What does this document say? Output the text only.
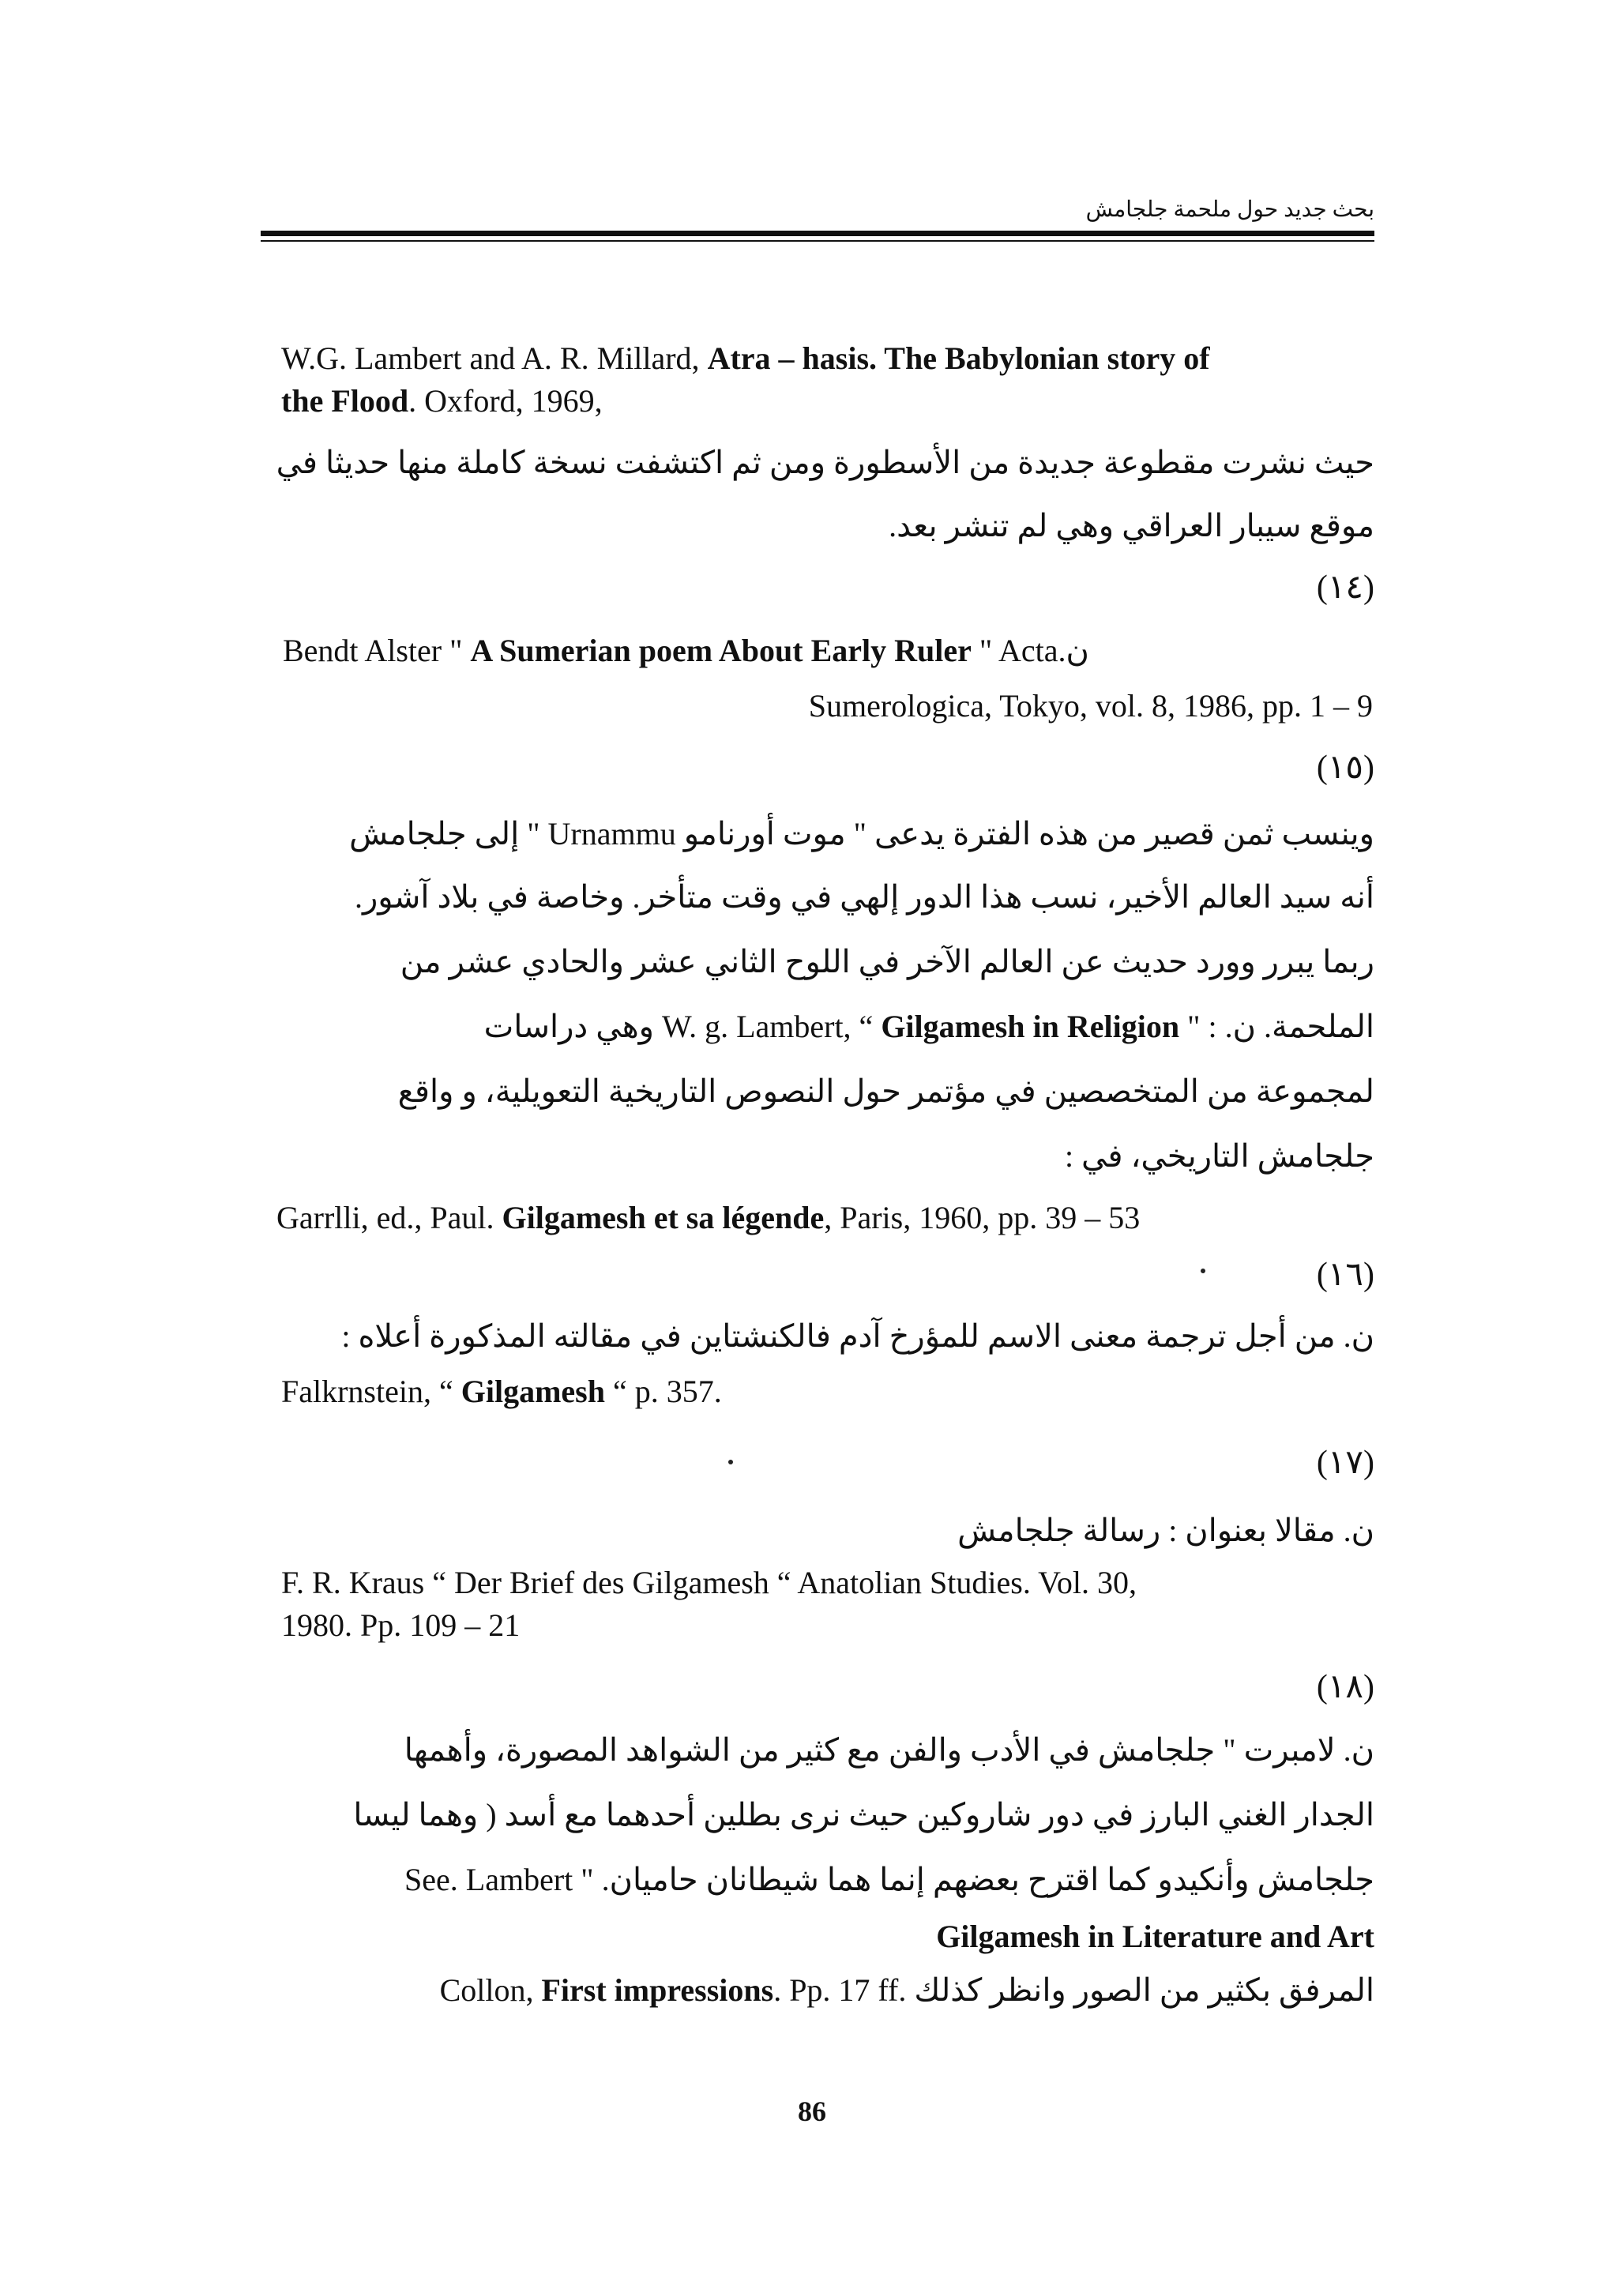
بحث جديد حول ملحمة جلجامش
W.G. Lambert and A. R. Millard, Atra – hasis. The Babylonian story of
the Flood. Oxford, 1969,
حيث نشرت مقطوعة جديدة من الأسطورة ومن ثم اكتشفت نسخة كاملة منها حديثا في
موقع سيبار العراقي وهي لم تنشر بعد.
(١٤)
Bendt Alster " A Sumerian poem About Early Ruler " Acta.ن
Sumerologica, Tokyo, vol. 8, 1986, pp. 1 – 9
(١٥)
وينسب ثمن قصير من هذه الفترة يدعى " موت أورنامو Urnammu " إلى جلجامش
أنه سيد العالم الأخير، نسب هذا الدور إلهي في وقت متأخر. وخاصة في بلاد آشور.
ربما يبرر وورد حديث عن العالم الآخر في اللوح الثاني عشر والحادي عشر من
الملحمة. ن. : W. g. Lambert, “ Gilgamesh in Religion " وهي دراسات
لمجموعة من المتخصصين في مؤتمر حول النصوص التاريخية التعويلية، و واقع
جلجامش التاريخي، في :
Garrlli, ed., Paul. Gilgamesh et sa légende, Paris, 1960, pp. 39 – 53
(١٦)
ن. من أجل ترجمة معنى الاسم للمؤرخ آدم فالكنشتاين في مقالته المذكورة أعلاه :
Falkrnstein, “ Gilgamesh “ p. 357.
(١٧)
ن. مقالا بعنوان : رسالة جلجامش
F. R. Kraus “ Der Brief des Gilgamesh “ Anatolian Studies. Vol. 30,
1980. Pp. 109 – 21
(١٨)
ن. لامبرت " جلجامش في الأدب والفن مع كثير من الشواهد المصورة، وأهمها
الجدار الغني البارز في دور شاروكين حيث نرى بطلين أحدهما مع أسد ( وهما ليسا
جلجامش وأنكيدو كما اقترح بعضهم إنما هما شيطانان حاميان. " See. Lambert
Gilgamesh in Literature and Art
المرفق بكثير من الصور وانظر كذلك Collon, First impressions. Pp. 17 ff.
86
